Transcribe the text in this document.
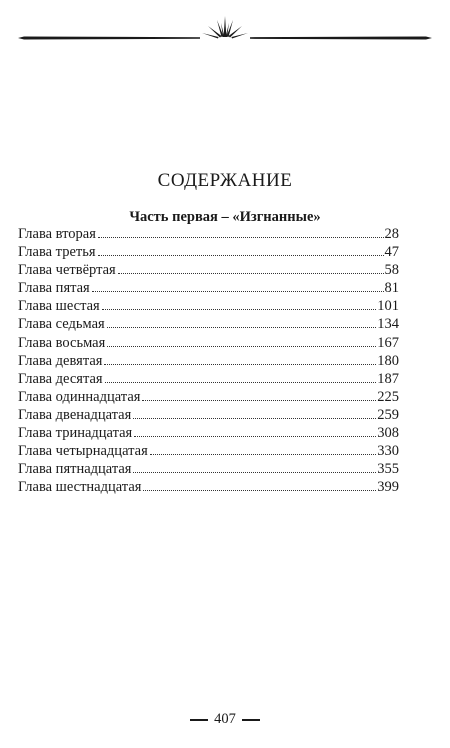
СОДЕРЖАНИЕ
Часть первая – «Изгнанные»
Глава вторая	28
Глава третья	47
Глава четвёртая	58
Глава пятая	81
Глава шестая	101
Глава седьмая	134
Глава восьмая	167
Глава девятая	180
Глава десятая	187
Глава одиннадцатая	225
Глава двенадцатая	259
Глава тринадцатая	308
Глава четырнадцатая	330
Глава пятнадцатая	355
Глава шестнадцатая	399
407
